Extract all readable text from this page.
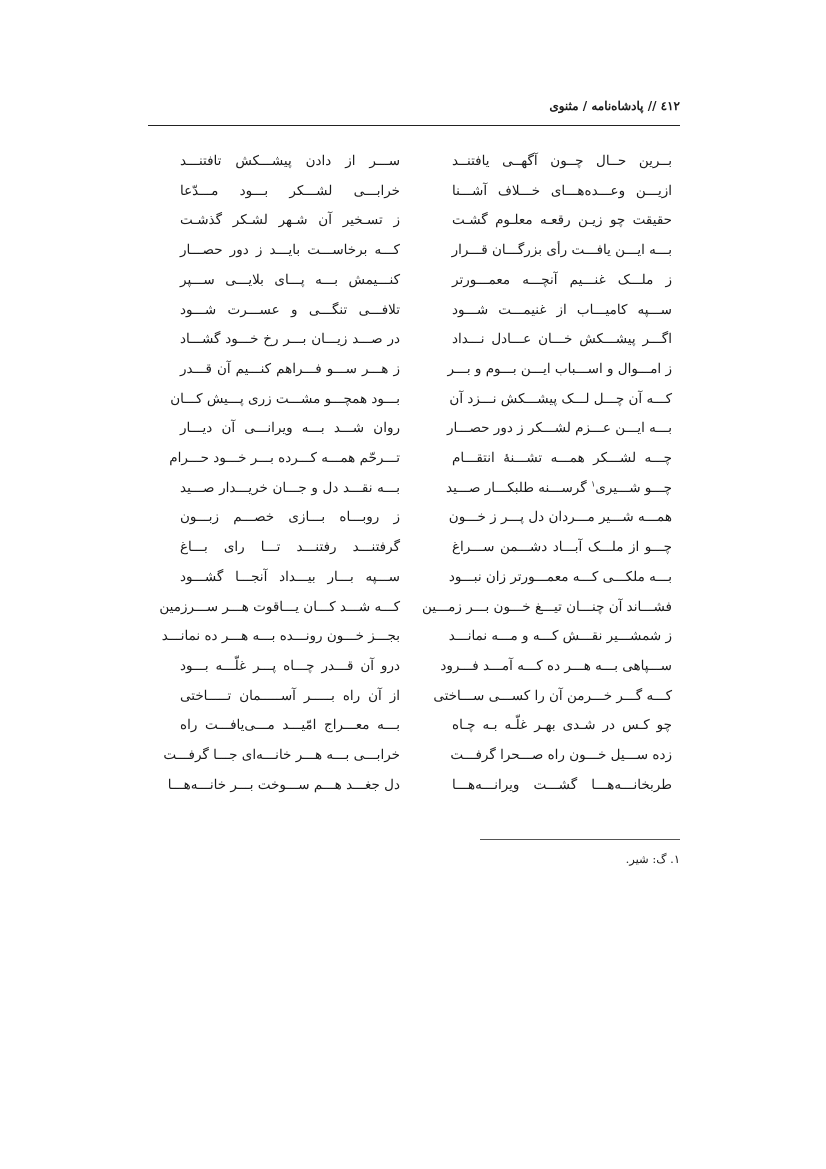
٤١٢ // پادشاه‌نامه / مثنوی
بــرین حــال چــون آگهــی یافتنــد
ســـر از دادن پیشـــکش تافتنـــد
ازیـــن وعـــده‌هـــای خـــلاف آشـــنا
خرابـــی لشـــکر بـــود مـــدّعا
حقیقت چو زیـن رقعـه معلـوم گشـت
ز تسـخیر آن شـهر لشـکر گذشـت
بـــه ایـــن یافـــت رأی بزرگـــان قـــرار
کـــه برخاســـت بایـــد ز دور حصـــار
ز ملـــک غنـــیم آنچـــه معمـــورتر
کنـــیمش بـــه پـــای بلایـــی ســـپر
ســـپه کامیـــاب از غنیمـــت شـــود
تلافـــی تنگـــی و عســـرت شـــود
اگـــر پیشـــکش خـــان عـــادل نـــداد
در صـــد زیـــان بـــر رخ خـــود گشـــاد
ز امـــوال و اســـباب ایـــن بـــوم و بـــر
ز هـــر ســـو فـــراهم کنـــیم آن قـــدر
کـــه آن چـــل لـــک پیشـــکش نـــزد آن
بـــود همچـــو مشـــت زری پـــیش کـــان
بـــه ایـــن عـــزم لشـــکر ز دور حصـــار
روان شـــد بـــه ویرانـــی آن دیـــار
چـــه لشـــکر همـــه تشـــنهٔ انتقـــام
تـــرحّم همـــه کـــرده بـــر خـــود حـــرام
چـــو شـــیری$^۱$ گرســـنه طلبکـــار صـــید
بـــه نقـــد دل و جـــان خریـــدار صـــید
همـــه شـــیر مـــردان دل پـــر ز خـــون
ز روبـــاه بـــازی خصـــم زبـــون
چـــو از ملـــک آبـــاد دشـــمن ســـراغ
گرفتنـــد رفتنـــد تـــا رای بـــاغ
بـــه ملکـــی کـــه معمـــورتر زان نبـــود
ســـپه بـــار بیـــداد آنجـــا گشـــود
فشـــاند آن چنـــان تیـــغ خـــون بـــر زمـــین
کـــه شـــد کـــان یـــاقوت هـــر ســـرزمین
ز شمشـــیر نقـــش کـــه و مـــه نمانـــد
بجـــز خـــون رونـــده بـــه هـــر ده نمانـــد
ســـپاهی بـــه هـــر ده کـــه آمـــد فـــرود
درو آن قـــدر چـــاه پـــر غلّـــه بـــود
کـــه گـــر خـــرمن آن را کســـی ســـاختی
از آن راه بـــــر آســـــمان تـــــاختی
چو کـس در شـدی بهـر غلّـه بـه چـاه
بـــه معـــراج امّیـــد مـــی‌یافـــت راه
زده ســـیل خـــون راه صـــحرا گرفـــت
خرابـــی بـــه هـــر خانـــه‌ای جـــا گرفـــت
طربخانـــه‌هـــا گشـــت ویرانـــه‌هـــا
دل جغـــد هـــم ســـوخت بـــر خانـــه‌هـــا
۱. گ: شیر.
